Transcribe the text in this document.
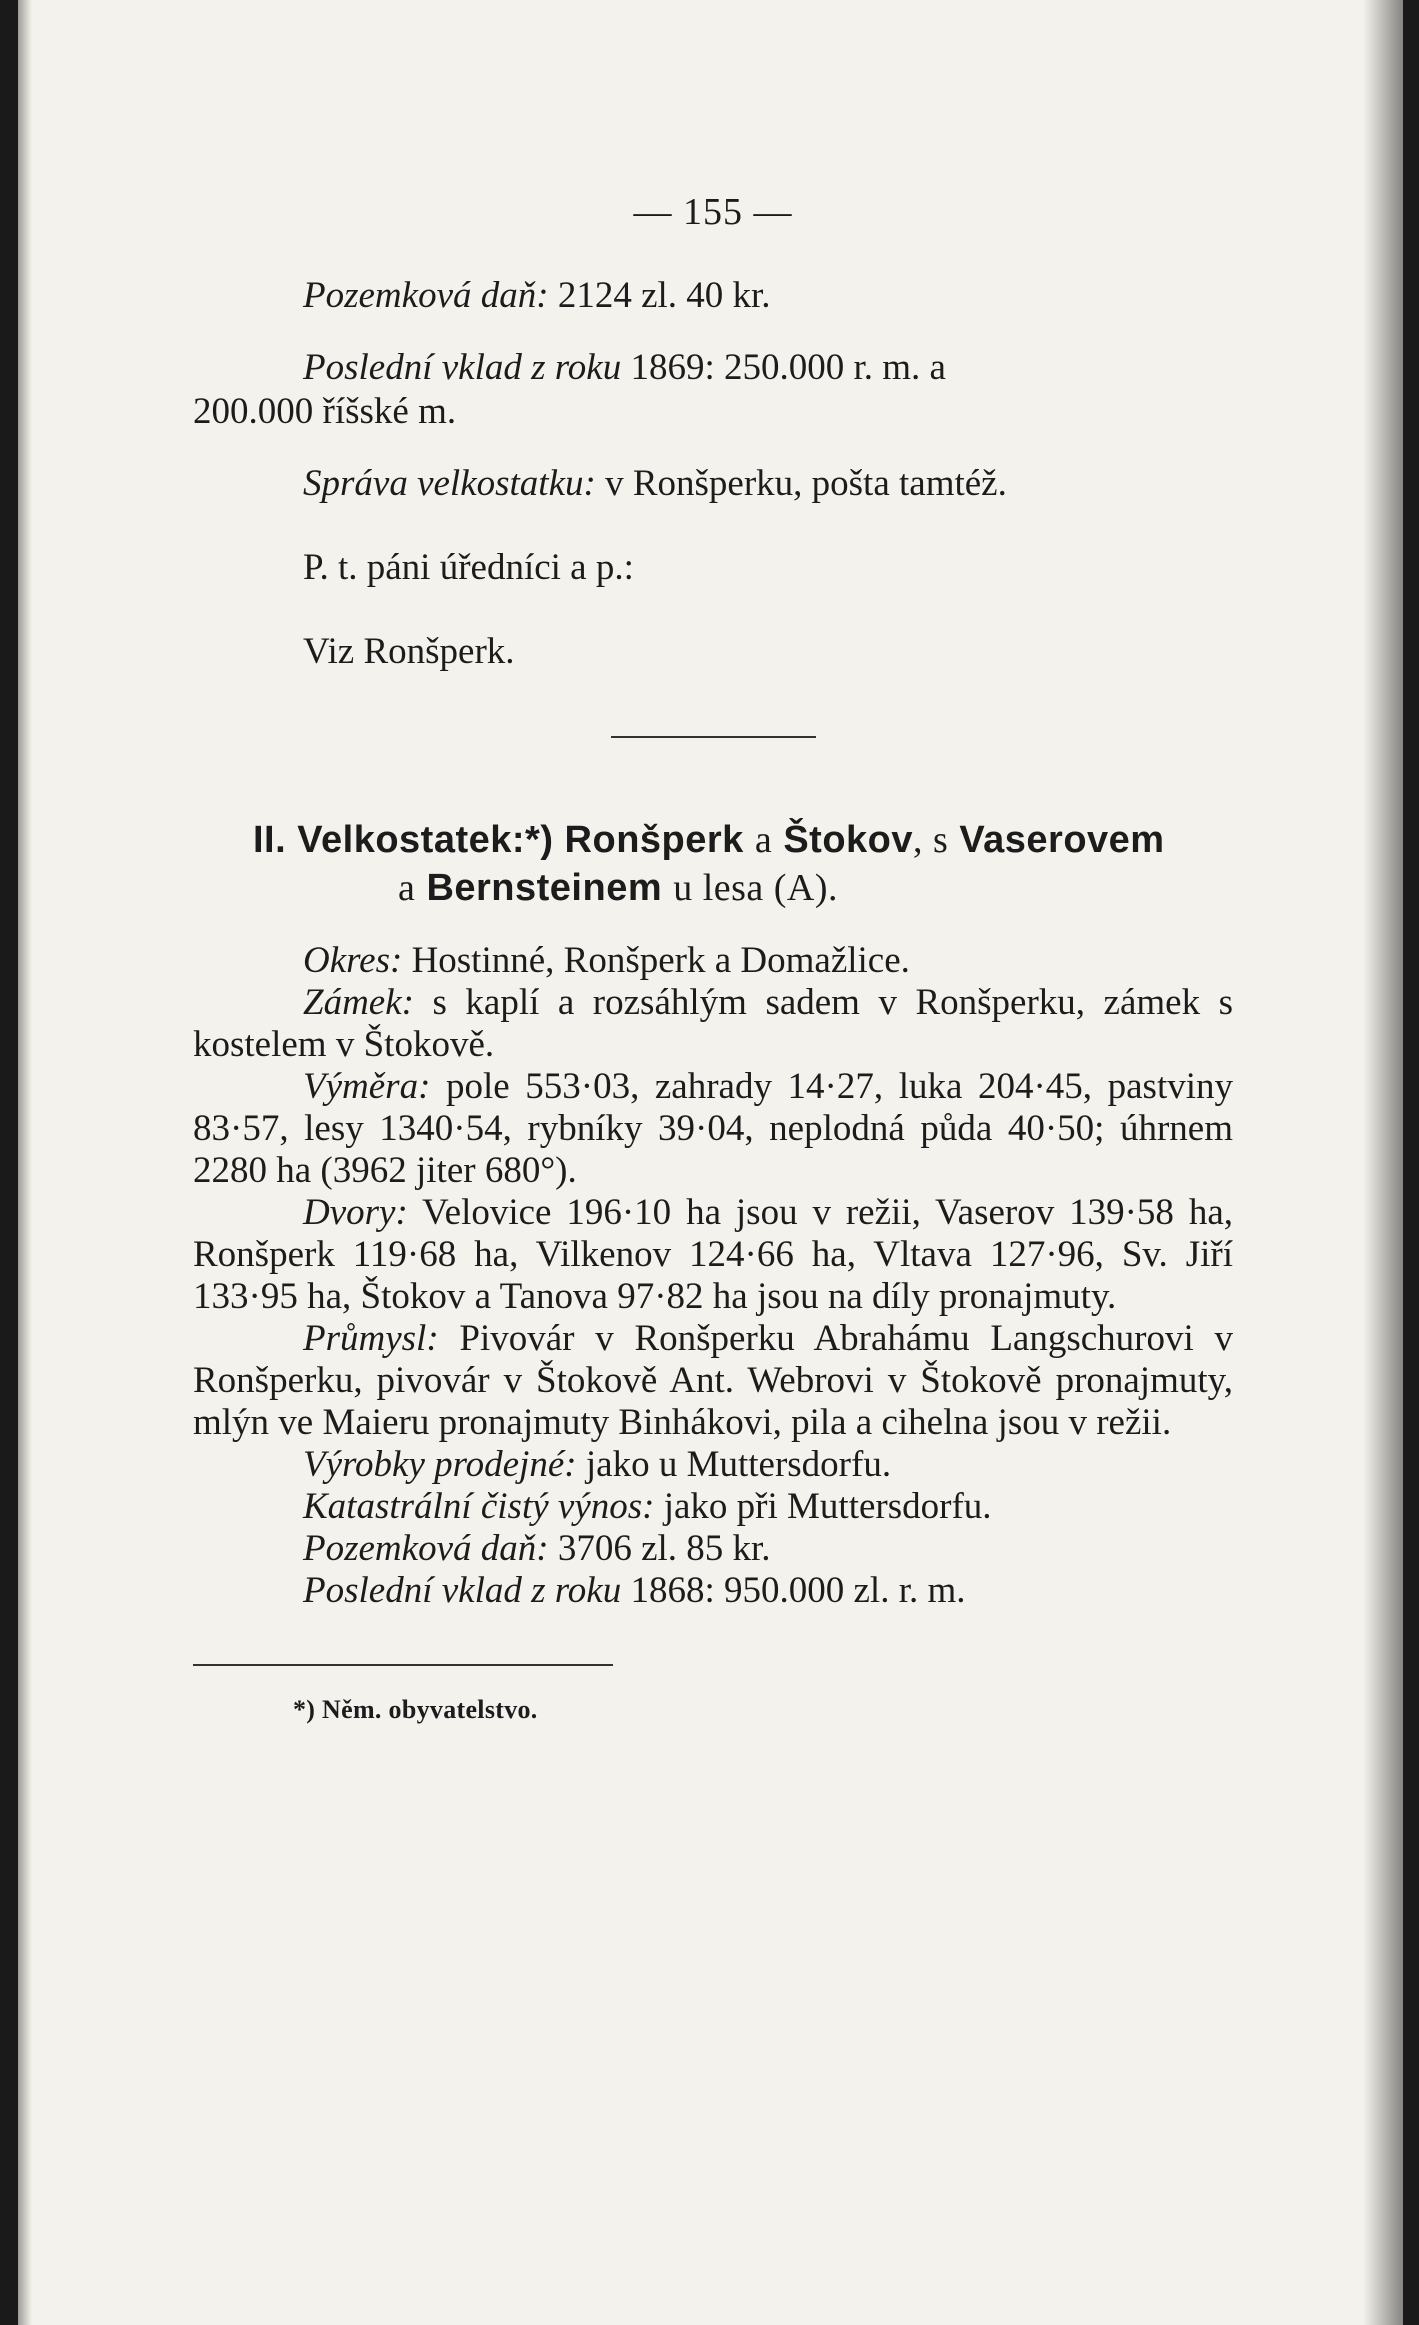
— 155 —

Pozemková daň: 2124 zl. 40 kr.

Poslední vklad z roku 1869: 250.000 r. m. a

200.000 říšské m.

Správa velkostatku: v Ronšperku, pošta tamtéž.

P. t. páni úředníci a p.:

Viz Ronšperk.

II. Velkostatek:*) Ronšperk a Štokov, s Vaserovem
a Bernsteinem u lesa (A).

Okres: Hostinné, Ronšperk a Domažlice.

Zámek: s kaplí a rozsáhlým sadem v Ronšperku, zámek s kostelem v Štokově.

Výměra: pole 553·03, zahrady 14·27, luka 204·45, pastviny 83·57, lesy 1340·54, rybníky 39·04, neplodná půda 40·50; úhrnem 2280 ha (3962 jiter 680°).

Dvory: Velovice 196·10 ha jsou v režii, Vaserov 139·58 ha, Ronšperk 119·68 ha, Vilkenov 124·66 ha, Vltava 127·96, Sv. Jiří 133·95 ha, Štokov a Tanova 97·82 ha jsou na díly pronajmuty.

Průmysl: Pivovár v Ronšperku Abrahámu Langschurovi v Ronšperku, pivovár v Štokově Ant. Webrovi v Štokově pronajmuty, mlýn ve Maieru pronajmuty Binhákovi, pila a cihelna jsou v režii.

Výrobky prodejné: jako u Muttersdorfu.

Katastrální čistý výnos: jako při Muttersdorfu.

Pozemková daň: 3706 zl. 85 kr.

Poslední vklad z roku 1868: 950.000 zl. r. m.

*) Něm. obyvatelstvo.
